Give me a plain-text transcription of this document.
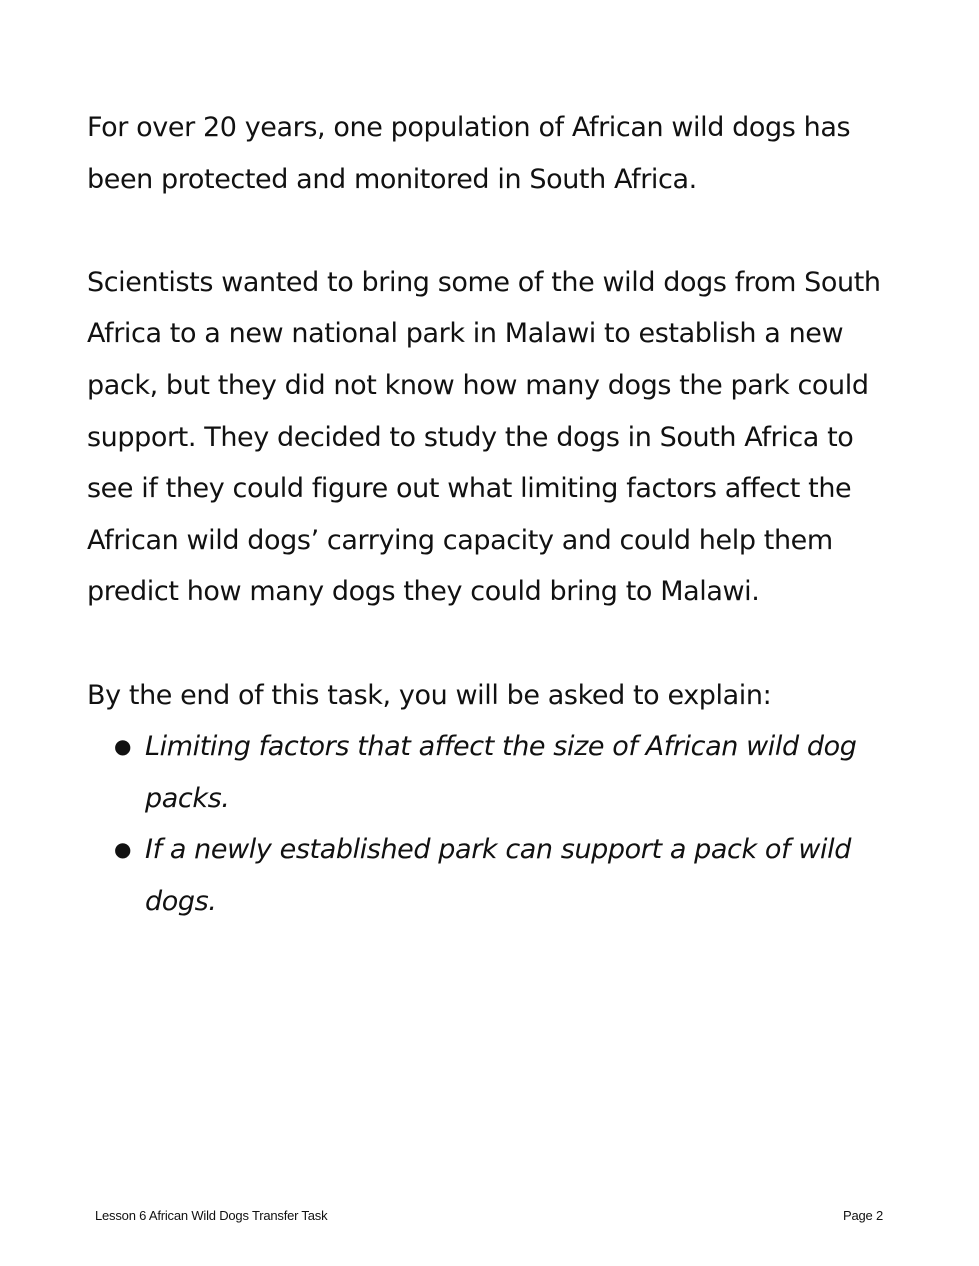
For over 20 years, one population of African wild dogs has been protected and monitored in South Africa.

Scientists wanted to bring some of the wild dogs from South Africa to a new national park in Malawi to establish a new pack, but they did not know how many dogs the park could support. They decided to study the dogs in South Africa to see if they could figure out what limiting factors affect the African wild dogs’ carrying capacity and could help them predict how many dogs they could bring to Malawi.

By the end of this task, you will be asked to explain:

● Limiting factors that affect the size of African wild dog packs.
● If a newly established park can support a pack of wild dogs.
Lesson 6 African Wild Dogs Transfer Task	Page 2
